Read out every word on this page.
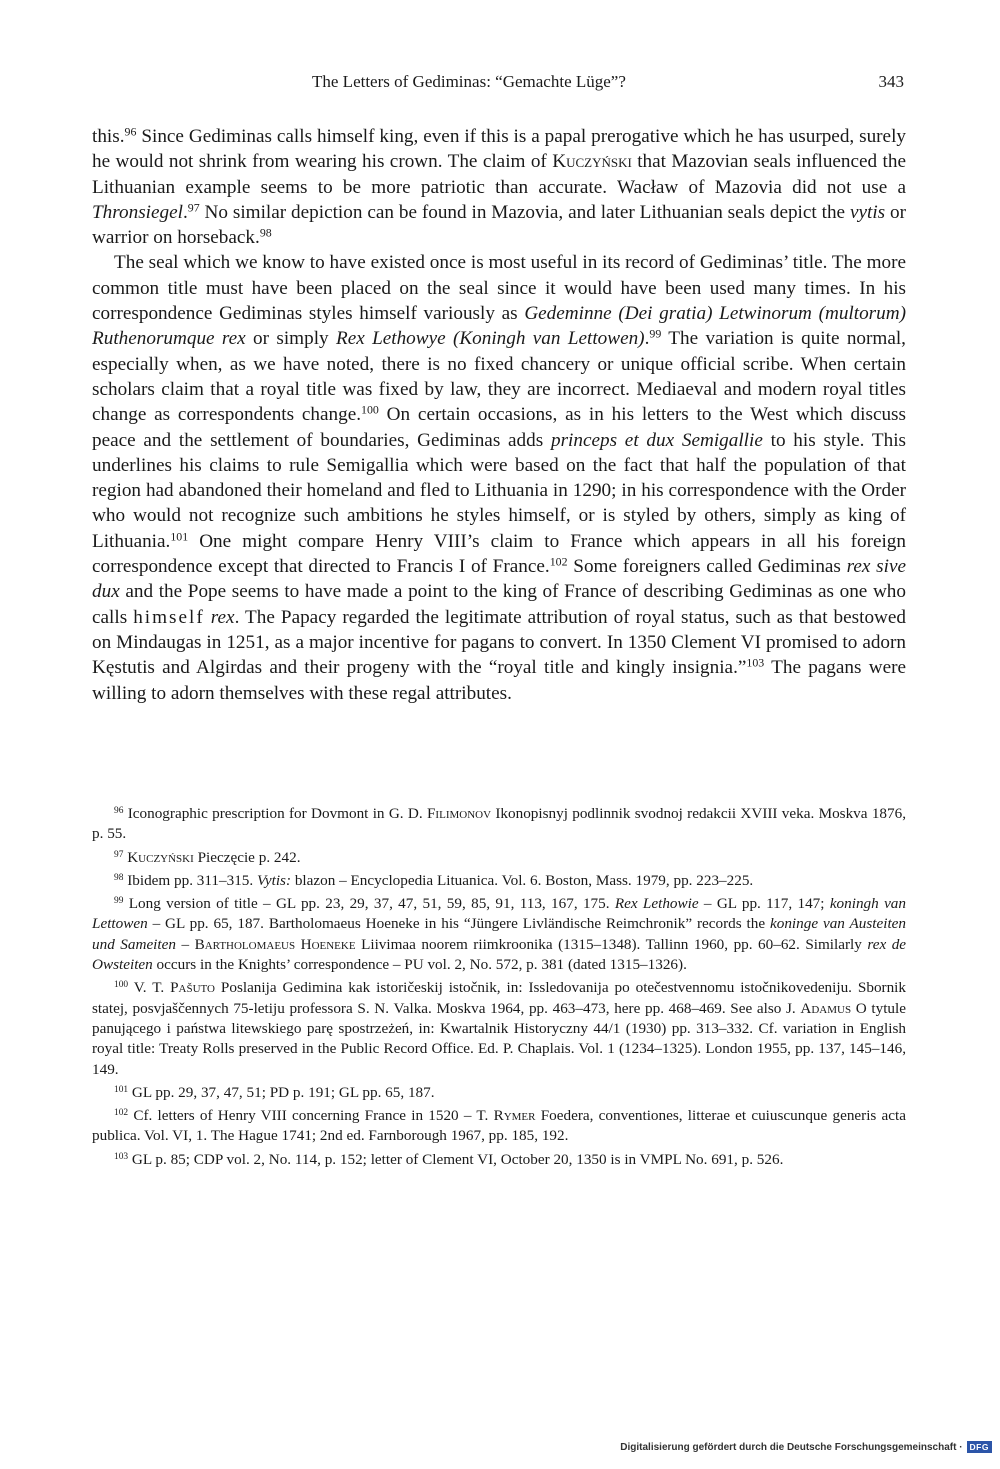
The Letters of Gediminas: “Gemachte Lüge”?	343

this.$^{96}$ Since Gediminas calls himself king, even if this is a papal prerogative which he has usurped, surely he would not shrink from wearing his crown. The claim of Kuczyński that Mazovian seals influenced the Lithuanian example seems to be more patriotic than accurate. Wacław of Mazovia did not use a Thronsiegel.$^{97}$ No similar depiction can be found in Mazovia, and later Lithuanian seals depict the vytis or warrior on horseback.$^{98}$

The seal which we know to have existed once is most useful in its record of Gediminas’ title. The more common title must have been placed on the seal since it would have been used many times. In his correspondence Gediminas styles himself variously as Gedeminne (Dei gratia) Letwinorum (multorum) Ruthenorumque rex or simply Rex Lethowye (Koningh van Lettowen).$^{99}$ The variation is quite normal, especially when, as we have noted, there is no fixed chancery or unique official scribe. When certain scholars claim that a royal title was fixed by law, they are incorrect. Mediaeval and modern royal titles change as correspondents change.$^{100}$ On certain occasions, as in his letters to the West which discuss peace and the settlement of boundaries, Gediminas adds princeps et dux Semigallie to his style. This underlines his claims to rule Semigallia which were based on the fact that half the population of that region had abandoned their homeland and fled to Lithuania in 1290; in his correspondence with the Order who would not recognize such ambitions he styles himself, or is styled by others, simply as king of Lithuania.$^{101}$ One might compare Henry VIII’s claim to France which appears in all his foreign correspondence except that directed to Francis I of France.$^{102}$ Some foreigners called Gediminas rex sive dux and the Pope seems to have made a point to the king of France of describing Gediminas as one who calls himself rex. The Papacy regarded the legitimate attribution of royal status, such as that bestowed on Mindaugas in 1251, as a major incentive for pagans to convert. In 1350 Clement VI promised to adorn Kęstutis and Algirdas and their progeny with the “royal title and kingly insignia.”$^{103}$ The pagans were willing to adorn themselves with these regal attributes.

$^{96}$ Iconographic prescription for Dovmont in G. D. Filimonov Ikonopisnyj podlinnik svodnoj redakcii XVIII veka. Moskva 1876, p. 55.

$^{97}$ Kuczyński Pieczęcie p. 242.

$^{98}$ Ibidem pp. 311–315. Vytis: blazon – Encyclopedia Lituanica. Vol. 6. Boston, Mass. 1979, pp. 223–225.

$^{99}$ Long version of title – GL pp. 23, 29, 37, 47, 51, 59, 85, 91, 113, 167, 175. Rex Lethowie – GL pp. 117, 147; koningh van Lettowen – GL pp. 65, 187. Bartholomaeus Hoeneke in his “Jüngere Livländische Reimchronik” records the koninge van Austeiten und Sameiten – Bartholomaeus Hoeneke Liivimaa noorem riimkroonika (1315–1348). Tallinn 1960, pp. 60–62. Similarly rex de Owsteiten occurs in the Knights’ correspondence – PU vol. 2, No. 572, p. 381 (dated 1315–1326).

$^{100}$ V. T. Pašuto Poslanija Gedimina kak istoričeskij istočnik, in: Issledovanija po otečestvennomu istočnikovedeniju. Sbornik statej, posvjaščennych 75-letiju professora S. N. Valka. Moskva 1964, pp. 463–473, here pp. 468–469. See also J. Adamus O tytule panującego i państwa litewskiego parę spostrzeżeń, in: Kwartalnik Historyczny 44/1 (1930) pp. 313–332. Cf. variation in English royal title: Treaty Rolls preserved in the Public Record Office. Ed. P. Chaplais. Vol. 1 (1234–1325). London 1955, pp. 137, 145–146, 149.

$^{101}$ GL pp. 29, 37, 47, 51; PD p. 191; GL pp. 65, 187.

$^{102}$ Cf. letters of Henry VIII concerning France in 1520 – T. Rymer Foedera, conventiones, litterae et cuiuscunque generis acta publica. Vol. VI, 1. The Hague 1741; 2nd ed. Farnborough 1967, pp. 185, 192.

$^{103}$ GL p. 85; CDP vol. 2, No. 114, p. 152; letter of Clement VI, October 20, 1350 is in VMPL No. 691, p. 526.

Digitalisierung gefördert durch die Deutsche Forschungsgemeinschaft · DFG
